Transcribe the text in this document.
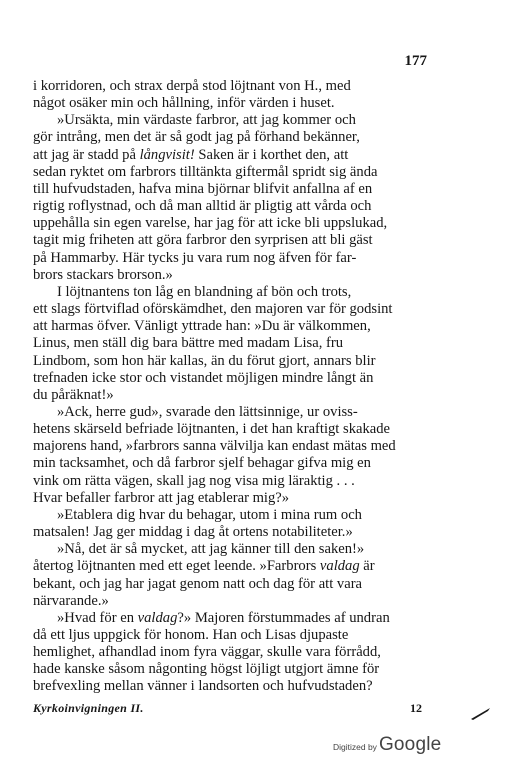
177
i korridoren, och strax derpå stod löjtnant von H., med
något osäker min och hållning, inför värden i huset.
»Ursäkta, min värdaste farbror, att jag kommer och
gör intrång, men det är så godt jag på förhand bekänner,
att jag är stadd på långvisit! Saken är i korthet den, att
sedan ryktet om farbrors tilltänkta giftermål spridt sig ända
till hufvudstaden, hafva mina björnar blifvit anfallna af en
rigtig roflystnad, och då man alltid är pligtig att vårda och
uppehålla sin egen varelse, har jag för att icke bli uppslukad,
tagit mig friheten att göra farbror den syrprisen att bli gäst
på Hammarby. Här tycks ju vara rum nog äfven för far-
brors stackars brorson.»
I löjtnantens ton låg en blandning af bön och trots,
ett slags förtviflad oförskämdhet, den majoren var för godsint
att harmas öfver. Vänligt yttrade han: »Du är välkommen,
Linus, men ställ dig bara bättre med madam Lisa, fru
Lindbom, som hon här kallas, än du förut gjort, annars blir
trefnaden icke stor och vistandet möjligen mindre långt än
du påräknat!»
»Ack, herre gud», svarade den lättsinnige, ur oviss-
hetens skärseld befriade löjtnanten, i det han kraftigt skakade
majorens hand, »farbrors sanna välvilja kan endast mätas med
min tacksamhet, och då farbror sjelf behagar gifva mig en
vink om rätta vägen, skall jag nog visa mig läraktig . . .
Hvar befaller farbror att jag etablerar mig?»
»Etablera dig hvar du behagar, utom i mina rum och
matsalen! Jag ger middag i dag åt ortens notabiliteter.»
»Nå, det är så mycket, att jag känner till den saken!»
återtog löjtnanten med ett eget leende. »Farbrors valdag är
bekant, och jag har jagat genom natt och dag för att vara
närvarande.»
»Hvad för en valdag?» Majoren förstummades af undran
då ett ljus uppgick för honom. Han och Lisas djupaste
hemlighet, afhandlad inom fyra väggar, skulle vara förrådd,
hade kanske såsom någonting högst löjligt utgjort ämne för
brefvexling mellan vänner i landsorten och hufvudstaden?
Kyrkoinvigningen II.	12
Digitized by Google
